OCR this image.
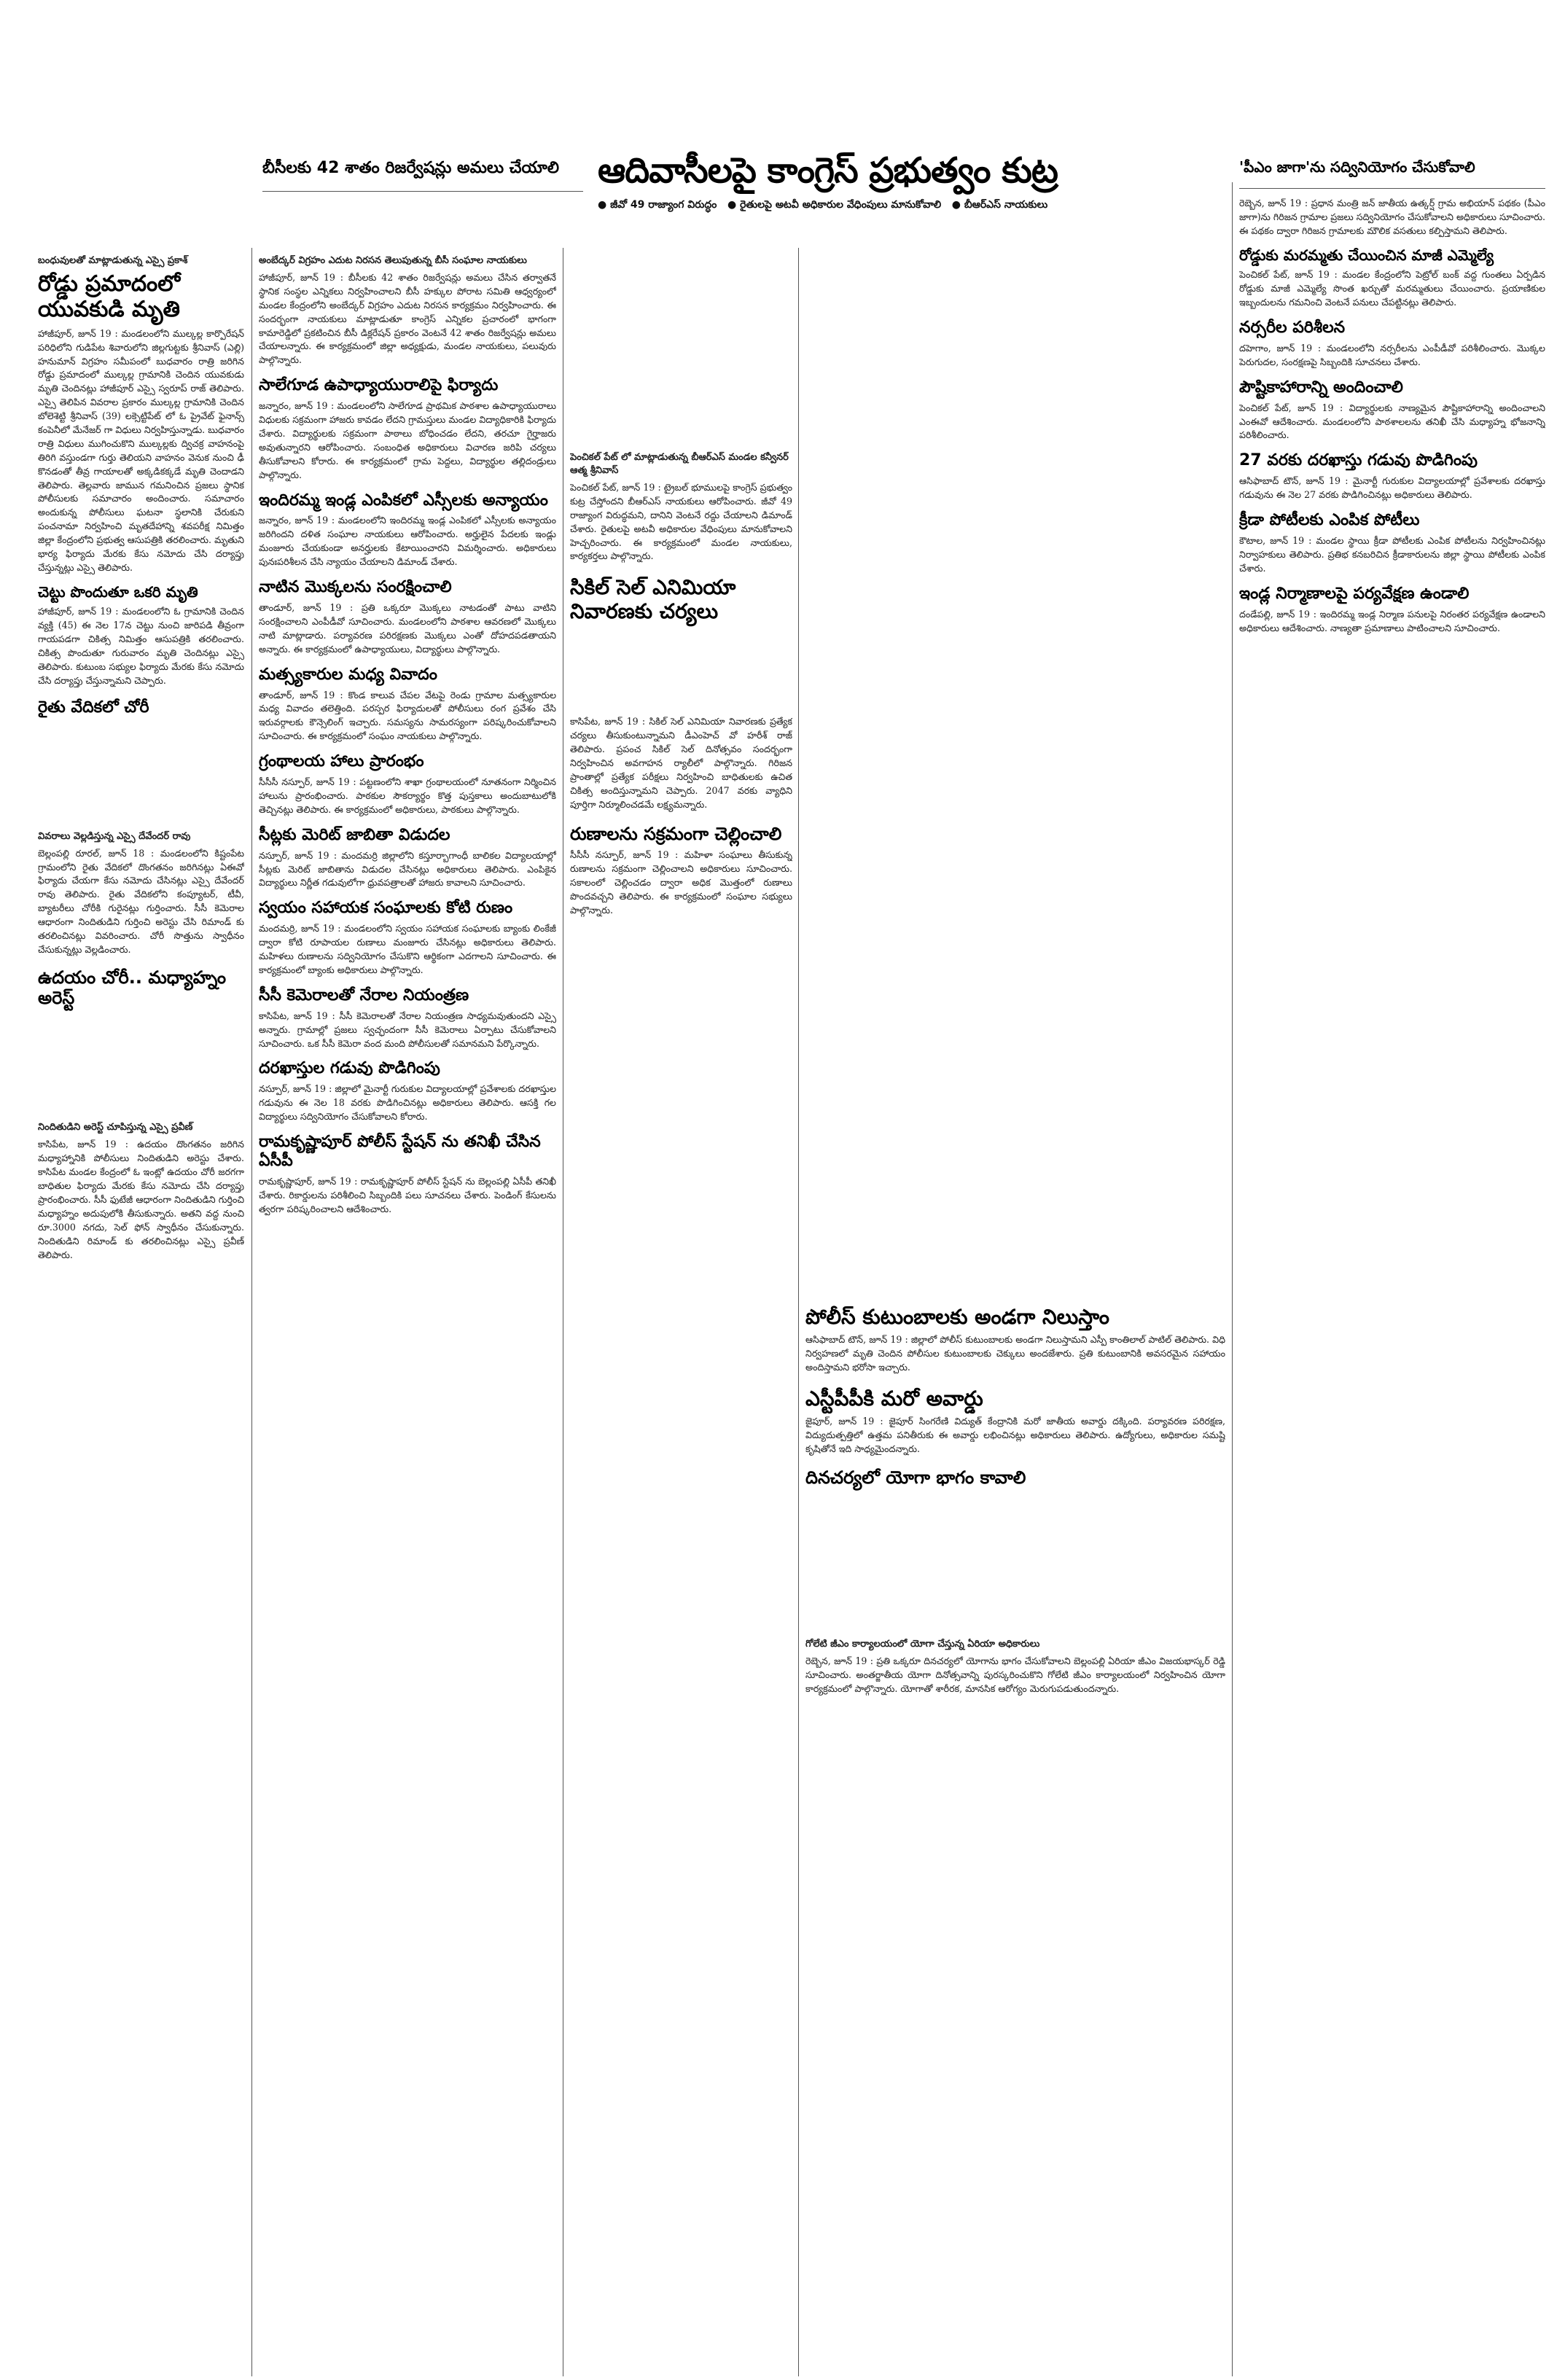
బీసీలకు 42 శాతం రిజర్వేషన్లు అమలు చేయాలి	ఆదివాసీలపై కాంగ్రెస్ ప్రభుత్వం కుట్ర
● జీవో 49 రాజ్యాంగ విరుద్ధం ● రైతులపై అటవీ అధికారుల వేధింపులు మానుకోవాలి ● బీఆర్ఎస్ నాయకులు
'పీఎం జాగా'ను సద్వినియోగం చేసుకోవాలి
బంధువులతో మాట్లాడుతున్న ఎస్సై ప్రకాశ్
రోడ్డు ప్రమాదంలో యువకుడి మృతి

హాజీపూర్, జూన్ 19 : మండలంలోని ముల్కల్ల కార్పొరేషన్ పరిధిలోని గుడిపేట శివారులోని జిల్లగుట్టకు శ్రీనివాస్ (ఎల్లి) హనుమాన్ విగ్రహం సమీపంలో బుధవారం రాత్రి జరిగిన రోడ్డు ప్రమాదంలో ముల్కల్ల గ్రామానికి చెందిన యువకుడు మృతి చెందినట్లు హాజీపూర్ ఎస్సై స్వరూప్ రాజ్ తెలిపారు. ఎస్సై తెలిపిన వివరాల ప్రకారం ముల్కల్ల గ్రామానికి చెందిన బోలెశెట్టి శ్రీనివాస్ (39) లక్సెట్టిపేట్ లో ఓ ప్రైవేట్ ఫైనాన్స్ కంపెనీలో మేనేజర్ గా విధులు నిర్వహిస్తున్నాడు. బుధవారం రాత్రి విధులు ముగించుకొని ముల్కల్లకు ద్విచక్ర వాహనంపై తిరిగి వస్తుండగా గుర్తు తెలియని వాహనం వెనుక నుంచి ఢీ కొనడంతో తీవ్ర గాయాలతో అక్కడికక్కడే మృతి చెందాడని తెలిపారు. తెల్లవారు జామున గమనించిన ప్రజలు స్థానిక పోలీసులకు సమాచారం అందించారు. సమాచారం అందుకున్న పోలీసులు ఘటనా స్థలానికి చేరుకుని పంచనామా నిర్వహించి మృతదేహాన్ని శవపరీక్ష నిమిత్తం జిల్లా కేంద్రంలోని ప్రభుత్వ ఆసుపత్రికి తరలించారు. మృతుని భార్య ఫిర్యాదు మేరకు కేసు నమోదు చేసి దర్యాప్తు చేస్తున్నట్లు ఎస్సై తెలిపారు.

చెట్టు పొందుతూ ఒకరి మృతి

హాజీపూర్, జూన్ 19 : మండలంలోని ఓ గ్రామానికి చెందిన వ్యక్తి (45) ఈ నెల 17న చెట్టు నుంచి జారిపడి తీవ్రంగా గాయపడగా చికిత్స నిమిత్తం ఆసుపత్రికి తరలించారు. చికిత్స పొందుతూ గురువారం మృతి చెందినట్లు ఎస్సై తెలిపారు. కుటుంబ సభ్యుల ఫిర్యాదు మేరకు కేసు నమోదు చేసి దర్యాప్తు చేస్తున్నామని చెప్పారు.

రైతు వేదికలో చోరీ
వివరాలు వెల్లడిస్తున్న ఎస్సై దేవేందర్ రావు

బెల్లంపల్లి రూరల్, జూన్ 18 : మండలంలోని కిష్టంపేట గ్రామంలోని రైతు వేదికలో దొంగతనం జరిగినట్లు ఏఈవో ఫిర్యాదు చేయగా కేసు నమోదు చేసినట్లు ఎస్సై దేవేందర్ రావు తెలిపారు. రైతు వేదికలోని కంప్యూటర్, టీవీ, బ్యాటరీలు చోరీకి గురైనట్లు గుర్తించారు. సీసీ కెమెరాల ఆధారంగా నిందితుడిని గుర్తించి అరెస్టు చేసి రిమాండ్ కు తరలించినట్లు వివరించారు. చోరీ సొత్తును స్వాధీనం చేసుకున్నట్లు వెల్లడించారు.

ఉదయం చోరీ.. మధ్యాహ్నం అరెస్ట్
నిందితుడిని అరెస్ట్ చూపిస్తున్న ఎస్సై ప్రవీణ్

కాసిపేట, జూన్ 19 : ఉదయం దొంగతనం జరిగిన మధ్యాహ్నానికి పోలీసులు నిందితుడిని అరెస్టు చేశారు. కాసిపేట మండల కేంద్రంలో ఓ ఇంట్లో ఉదయం చోరీ జరగగా బాధితుల ఫిర్యాదు మేరకు కేసు నమోదు చేసి దర్యాప్తు ప్రారంభించారు. సీసీ ఫుటేజీ ఆధారంగా నిందితుడిని గుర్తించి మధ్యాహ్నం అదుపులోకి తీసుకున్నారు. అతని వద్ద నుంచి రూ.3000 నగదు, సెల్ ఫోన్ స్వాధీనం చేసుకున్నారు. నిందితుడిని రిమాండ్ కు తరలించినట్లు ఎస్సై ప్రవీణ్ తెలిపారు.

అంబేద్కర్ విగ్రహం ఎదుట నిరసన తెలుపుతున్న బీసీ సంఘాల నాయకులు

హాజీపూర్, జూన్ 19 : బీసీలకు 42 శాతం రిజర్వేషన్లు అమలు చేసిన తర్వాతనే స్థానిక సంస్థల ఎన్నికలు నిర్వహించాలని బీసీ హక్కుల పోరాట సమితి ఆధ్వర్యంలో మండల కేంద్రంలోని అంబేద్కర్ విగ్రహం ఎదుట నిరసన కార్యక్రమం నిర్వహించారు. ఈ సందర్భంగా నాయకులు మాట్లాడుతూ కాంగ్రెస్ ఎన్నికల ప్రచారంలో భాగంగా కామారెడ్డిలో ప్రకటించిన బీసీ డిక్లరేషన్ ప్రకారం వెంటనే 42 శాతం రిజర్వేషన్లు అమలు చేయాలన్నారు. ఈ కార్యక్రమంలో జిల్లా అధ్యక్షుడు, మండల నాయకులు, పలువురు పాల్గొన్నారు.

సాలేగూడ ఉపాధ్యాయురాలిపై ఫిర్యాదు

జన్నారం, జూన్ 19 : మండలంలోని సాలేగూడ ప్రాథమిక పాఠశాల ఉపాధ్యాయురాలు విధులకు సక్రమంగా హాజరు కావడం లేదని గ్రామస్తులు మండల విద్యాధికారికి ఫిర్యాదు చేశారు. విద్యార్థులకు సక్రమంగా పాఠాలు బోధించడం లేదని, తరచూ గైర్హాజరు అవుతున్నారని ఆరోపించారు. సంబంధిత అధికారులు విచారణ జరిపి చర్యలు తీసుకోవాలని కోరారు. ఈ కార్యక్రమంలో గ్రామ పెద్దలు, విద్యార్థుల తల్లిదండ్రులు పాల్గొన్నారు.

ఇందిరమ్మ ఇండ్ల ఎంపికలో ఎస్సీలకు అన్యాయం

జన్నారం, జూన్ 19 : మండలంలోని ఇందిరమ్మ ఇండ్ల ఎంపికలో ఎస్సీలకు అన్యాయం జరిగిందని దళిత సంఘాల నాయకులు ఆరోపించారు. అర్హులైన పేదలకు ఇండ్లు మంజూరు చేయకుండా అనర్హులకు కేటాయించారని విమర్శించారు. అధికారులు పునఃపరిశీలన చేసి న్యాయం చేయాలని డిమాండ్ చేశారు.

నాటిన మొక్కలను సంరక్షించాలి

తాండూర్, జూన్ 19 : ప్రతి ఒక్కరూ మొక్కలు నాటడంతో పాటు వాటిని సంరక్షించాలని ఎంపీడీవో సూచించారు. మండలంలోని పాఠశాల ఆవరణలో మొక్కలు నాటి మాట్లాడారు. పర్యావరణ పరిరక్షణకు మొక్కలు ఎంతో దోహదపడతాయని అన్నారు. ఈ కార్యక్రమంలో ఉపాధ్యాయులు, విద్యార్థులు పాల్గొన్నారు.

మత్స్యకారుల మధ్య వివాదం

తాండూర్, జూన్ 19 : కొండ కాలువ చేపల వేటపై రెండు గ్రామాల మత్స్యకారుల మధ్య వివాదం తలెత్తింది. పరస్పర ఫిర్యాదులతో పోలీసులు రంగ ప్రవేశం చేసి ఇరువర్గాలకు కౌన్సెలింగ్ ఇచ్చారు. సమస్యను సామరస్యంగా పరిష్కరించుకోవాలని సూచించారు. ఈ కార్యక్రమంలో సంఘం నాయకులు పాల్గొన్నారు.

గ్రంథాలయ హాలు ప్రారంభం

సీసీసీ నస్పూర్, జూన్ 19 : పట్టణంలోని శాఖా గ్రంథాలయంలో నూతనంగా నిర్మించిన హాలును ప్రారంభించారు. పాఠకుల సౌకర్యార్థం కొత్త పుస్తకాలు అందుబాటులోకి తెచ్చినట్లు తెలిపారు. ఈ కార్యక్రమంలో అధికారులు, పాఠకులు పాల్గొన్నారు.

సీట్లకు మెరిట్ జాబితా విడుదల

నస్పూర్, జూన్ 19 : మందమర్రి జిల్లాలోని కస్తూర్బాగాంధీ బాలికల విద్యాలయాల్లో సీట్లకు మెరిట్ జాబితాను విడుదల చేసినట్లు అధికారులు తెలిపారు. ఎంపికైన విద్యార్థులు నిర్ణీత గడువులోగా ధ్రువపత్రాలతో హాజరు కావాలని సూచించారు.

స్వయం సహాయక సంఘాలకు కోటి రుణం

మందమర్రి, జూన్ 19 : మండలంలోని స్వయం సహాయక సంఘాలకు బ్యాంకు లింకేజీ ద్వారా కోటి రూపాయల రుణాలు మంజూరు చేసినట్లు అధికారులు తెలిపారు. మహిళలు రుణాలను సద్వినియోగం చేసుకొని ఆర్థికంగా ఎదగాలని సూచించారు. ఈ కార్యక్రమంలో బ్యాంకు అధికారులు పాల్గొన్నారు.

సీసీ కెమెరాలతో నేరాల నియంత్రణ

కాసిపేట, జూన్ 19 : సీసీ కెమెరాలతో నేరాల నియంత్రణ సాధ్యమవుతుందని ఎస్సై అన్నారు. గ్రామాల్లో ప్రజలు స్వచ్ఛందంగా సీసీ కెమెరాలు ఏర్పాటు చేసుకోవాలని సూచించారు. ఒక సీసీ కెమెరా వంద మంది పోలీసులతో సమానమని పేర్కొన్నారు.

దరఖాస్తుల గడువు పొడిగింపు

నస్పూర్, జూన్ 19 : జిల్లాలో మైనార్టీ గురుకుల విద్యాలయాల్లో ప్రవేశాలకు దరఖాస్తుల గడువును ఈ నెల 18 వరకు పొడిగించినట్లు అధికారులు తెలిపారు. ఆసక్తి గల విద్యార్థులు సద్వినియోగం చేసుకోవాలని కోరారు.

రామకృష్ణాపూర్ పోలీస్ స్టేషన్ ను తనిఖీ చేసిన ఏసీపీ

రామకృష్ణాపూర్, జూన్ 19 : రామకృష్ణాపూర్ పోలీస్ స్టేషన్ ను బెల్లంపల్లి ఏసీపీ తనిఖీ చేశారు. రికార్డులను పరిశీలించి సిబ్బందికి పలు సూచనలు చేశారు. పెండింగ్ కేసులను త్వరగా పరిష్కరించాలని ఆదేశించారు.

పెంచికల్ పేట్ లో మాట్లాడుతున్న బీఆర్ఎస్ మండల కన్వీనర్ ఆత్మ శ్రీనివాస్

పెంచికల్ పేట్, జూన్ 19 : ట్రైబల్ భూములపై కాంగ్రెస్ ప్రభుత్వం కుట్ర చేస్తోందని బీఆర్ఎస్ నాయకులు ఆరోపించారు. జీవో 49 రాజ్యాంగ విరుద్ధమని, దానిని వెంటనే రద్దు చేయాలని డిమాండ్ చేశారు. రైతులపై అటవీ అధికారుల వేధింపులు మానుకోవాలని హెచ్చరించారు. ఈ కార్యక్రమంలో మండల నాయకులు, కార్యకర్తలు పాల్గొన్నారు.

సికిల్ సెల్ ఎనిమియా నివారణకు చర్యలు

కాసిపేట, జూన్ 19 : సికిల్ సెల్ ఎనిమియా నివారణకు ప్రత్యేక చర్యలు తీసుకుంటున్నామని డీఎంహెచ్ వో హరీశ్ రాజ్ తెలిపారు. ప్రపంచ సికిల్ సెల్ దినోత్సవం సందర్భంగా నిర్వహించిన అవగాహన ర్యాలీలో పాల్గొన్నారు. గిరిజన ప్రాంతాల్లో ప్రత్యేక పరీక్షలు నిర్వహించి బాధితులకు ఉచిత చికిత్స అందిస్తున్నామని చెప్పారు. 2047 వరకు వ్యాధిని పూర్తిగా నిర్మూలించడమే లక్ష్యమన్నారు.

రుణాలను సక్రమంగా చెల్లించాలి

సీసీసీ నస్పూర్, జూన్ 19 : మహిళా సంఘాలు తీసుకున్న రుణాలను సక్రమంగా చెల్లించాలని అధికారులు సూచించారు. సకాలంలో చెల్లించడం ద్వారా అధిక మొత్తంలో రుణాలు పొందవచ్చని తెలిపారు. ఈ కార్యక్రమంలో సంఘాల సభ్యులు పాల్గొన్నారు.

పోలీస్ కుటుంబాలకు అండగా నిలుస్తాం

ఆసిఫాబాద్ టౌన్, జూన్ 19 : జిల్లాలో పోలీస్ కుటుంబాలకు అండగా నిలుస్తామని ఎస్పీ కాంతిలాల్ పాటిల్ తెలిపారు. విధి నిర్వహణలో మృతి చెందిన పోలీసుల కుటుంబాలకు చెక్కులు అందజేశారు. ప్రతి కుటుంబానికి అవసరమైన సహాయం అందిస్తామని భరోసా ఇచ్చారు.

ఎస్టీపీపీకి మరో అవార్డు

జైపూర్, జూన్ 19 : జైపూర్ సింగరేణి విద్యుత్ కేంద్రానికి మరో జాతీయ అవార్డు దక్కింది. పర్యావరణ పరిరక్షణ, విద్యుదుత్పత్తిలో ఉత్తమ పనితీరుకు ఈ అవార్డు లభించినట్లు అధికారులు తెలిపారు. ఉద్యోగులు, అధికారుల సమష్టి కృషితోనే ఇది సాధ్యమైందన్నారు.

దినచర్యలో యోగా భాగం కావాలి
గోలేటి జీఎం కార్యాలయంలో యోగా చేస్తున్న ఏరియా అధికారులు

రెబ్బెన, జూన్ 19 : ప్రతి ఒక్కరూ దినచర్యలో యోగాను భాగం చేసుకోవాలని బెల్లంపల్లి ఏరియా జీఎం విజయభాస్కర్ రెడ్డి సూచించారు. అంతర్జాతీయ యోగా దినోత్సవాన్ని పురస్కరించుకొని గోలేటి జీఎం కార్యాలయంలో నిర్వహించిన యోగా కార్యక్రమంలో పాల్గొన్నారు. యోగాతో శారీరక, మానసిక ఆరోగ్యం మెరుగుపడుతుందన్నారు.

రెబ్బెన, జూన్ 19 : ప్రధాన మంత్రి జన్ జాతీయ ఉత్కర్ష్ గ్రామ అభియాన్ పథకం (పీఎం జాగా)ను గిరిజన గ్రామాల ప్రజలు సద్వినియోగం చేసుకోవాలని అధికారులు సూచించారు. ఈ పథకం ద్వారా గిరిజన గ్రామాలకు మౌలిక వసతులు కల్పిస్తామని తెలిపారు.

రోడ్డుకు మరమ్మతు చేయించిన మాజీ ఎమ్మెల్యే

పెంచికల్ పేట్, జూన్ 19 : మండల కేంద్రంలోని పెట్రోల్ బంక్ వద్ద గుంతలు ఏర్పడిన రోడ్డుకు మాజీ ఎమ్మెల్యే సొంత ఖర్చుతో మరమ్మతులు చేయించారు. ప్రయాణికుల ఇబ్బందులను గమనించి వెంటనే పనులు చేపట్టినట్లు తెలిపారు.

నర్సరీల పరిశీలన

దహెగాం, జూన్ 19 : మండలంలోని నర్సరీలను ఎంపీడీవో పరిశీలించారు. మొక్కల పెరుగుదల, సంరక్షణపై సిబ్బందికి సూచనలు చేశారు.

పౌష్టికాహారాన్ని అందించాలి

పెంచికల్ పేట్, జూన్ 19 : విద్యార్థులకు నాణ్యమైన పౌష్టికాహారాన్ని అందించాలని ఎంఈవో ఆదేశించారు. మండలంలోని పాఠశాలలను తనిఖీ చేసి మధ్యాహ్న భోజనాన్ని పరిశీలించారు.

27 వరకు దరఖాస్తు గడువు పొడిగింపు

ఆసిఫాబాద్ టౌన్, జూన్ 19 : మైనార్టీ గురుకుల విద్యాలయాల్లో ప్రవేశాలకు దరఖాస్తు గడువును ఈ నెల 27 వరకు పొడిగించినట్లు అధికారులు తెలిపారు.

క్రీడా పోటీలకు ఎంపిక పోటీలు

కౌటాల, జూన్ 19 : మండల స్థాయి క్రీడా పోటీలకు ఎంపిక పోటీలను నిర్వహించినట్లు నిర్వాహకులు తెలిపారు. ప్రతిభ కనబరిచిన క్రీడాకారులను జిల్లా స్థాయి పోటీలకు ఎంపిక చేశారు.

ఇండ్ల నిర్మాణాలపై పర్యవేక్షణ ఉండాలి

దండేపల్లి, జూన్ 19 : ఇందిరమ్మ ఇండ్ల నిర్మాణ పనులపై నిరంతర పర్యవేక్షణ ఉండాలని అధికారులు ఆదేశించారు. నాణ్యతా ప్రమాణాలు పాటించాలని సూచించారు.
